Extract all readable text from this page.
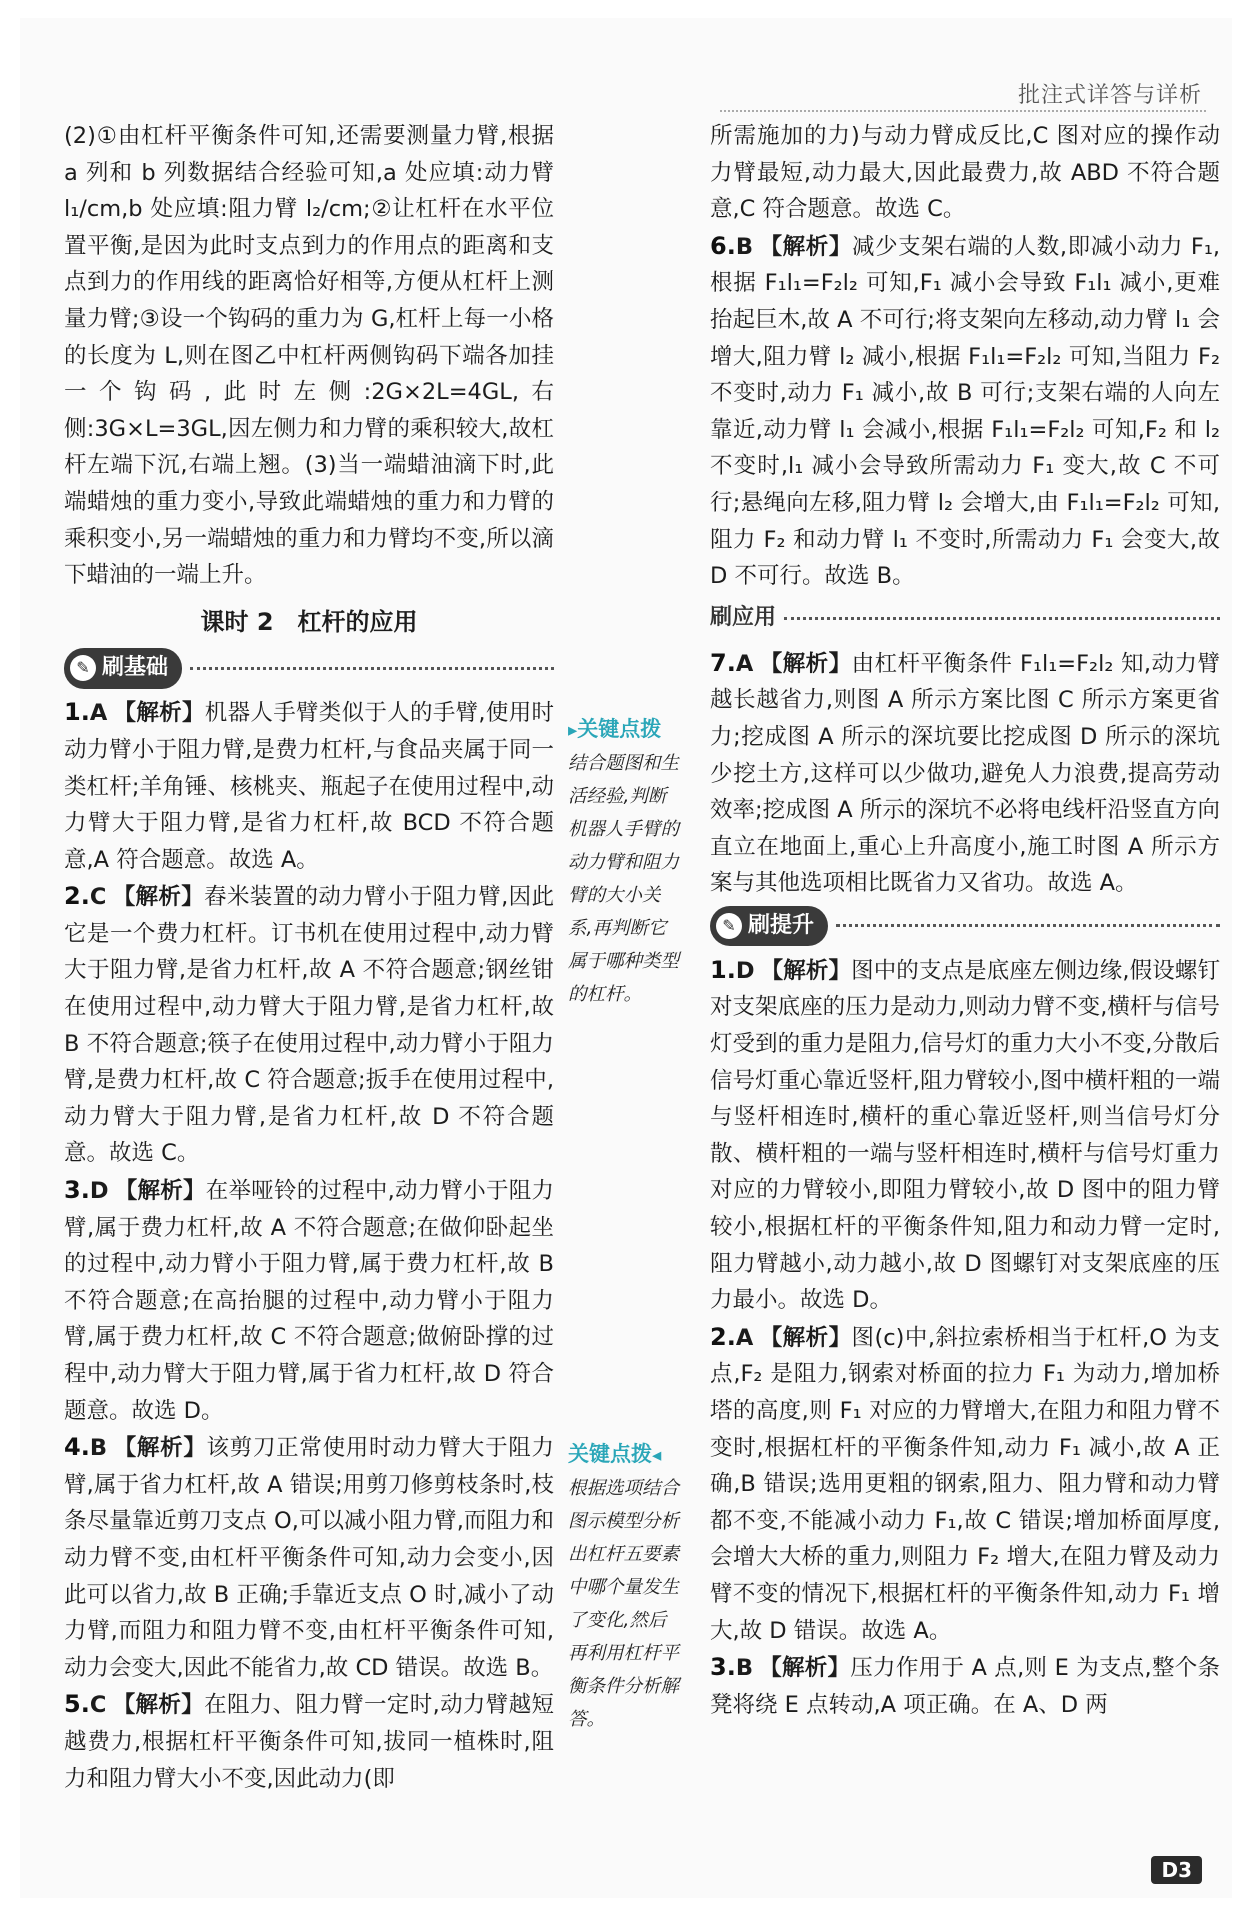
批注式详答与详析

(2)①由杠杆平衡条件可知,还需要测量力臂,根据 a 列和 b 列数据结合经验可知,a 处应填:动力臂 l₁/cm,b 处应填:阻力臂 l₂/cm;②让杠杆在水平位置平衡,是因为此时支点到力的作用点的距离和支点到力的作用线的距离恰好相等,方便从杠杆上测量力臂;③设一个钩码的重力为 G,杠杆上每一小格的长度为 L,则在图乙中杠杆两侧钩码下端各加挂一个钩码,此时左侧:2G×2L=4GL,右侧:3G×L=3GL,因左侧力和力臂的乘积较大,故杠杆左端下沉,右端上翘。(3)当一端蜡油滴下时,此端蜡烛的重力变小,导致此端蜡烛的重力和力臂的乘积变小,另一端蜡烛的重力和力臂均不变,所以滴下蜡油的一端上升。

课时 2　杠杆的应用
✎ 刷基础

1.A 【解析】机器人手臂类似于人的手臂,使用时动力臂小于阻力臂,是费力杠杆,与食品夹属于同一类杠杆;羊角锤、核桃夹、瓶起子在使用过程中,动力臂大于阻力臂,是省力杠杆,故 BCD 不符合题意,A 符合题意。故选 A。

2.C 【解析】舂米装置的动力臂小于阻力臂,因此它是一个费力杠杆。订书机在使用过程中,动力臂大于阻力臂,是省力杠杆,故 A 不符合题意;钢丝钳在使用过程中,动力臂大于阻力臂,是省力杠杆,故 B 不符合题意;筷子在使用过程中,动力臂小于阻力臂,是费力杠杆,故 C 符合题意;扳手在使用过程中,动力臂大于阻力臂,是省力杠杆,故 D 不符合题意。故选 C。

3.D 【解析】在举哑铃的过程中,动力臂小于阻力臂,属于费力杠杆,故 A 不符合题意;在做仰卧起坐的过程中,动力臂小于阻力臂,属于费力杠杆,故 B 不符合题意;在高抬腿的过程中,动力臂小于阻力臂,属于费力杠杆,故 C 不符合题意;做俯卧撑的过程中,动力臂大于阻力臂,属于省力杠杆,故 D 符合题意。故选 D。

4.B 【解析】该剪刀正常使用时动力臂大于阻力臂,属于省力杠杆,故 A 错误;用剪刀修剪枝条时,枝条尽量靠近剪刀支点 O,可以减小阻力臂,而阻力和动力臂不变,由杠杆平衡条件可知,动力会变小,因此可以省力,故 B 正确;手靠近支点 O 时,减小了动力臂,而阻力和阻力臂不变,由杠杆平衡条件可知,动力会变大,因此不能省力,故 CD 错误。故选 B。

5.C 【解析】在阻力、阻力臂一定时,动力臂越短越费力,根据杠杆平衡条件可知,拔同一植株时,阻力和阻力臂大小不变,因此动力(即

▸关键点拨
结合题图和生活经验,判断机器人手臂的动力臂和阻力臂的大小关系,再判断它属于哪种类型的杠杆。
关键点拨◂
根据选项结合图示模型分析出杠杆五要素中哪个量发生了变化,然后再利用杠杆平衡条件分析解答。

所需施加的力)与动力臂成反比,C 图对应的操作动力臂最短,动力最大,因此最费力,故 ABD 不符合题意,C 符合题意。故选 C。

6.B 【解析】减少支架右端的人数,即减小动力 F₁,根据 F₁l₁=F₂l₂ 可知,F₁ 减小会导致 F₁l₁ 减小,更难抬起巨木,故 A 不可行;将支架向左移动,动力臂 l₁ 会增大,阻力臂 l₂ 减小,根据 F₁l₁=F₂l₂ 可知,当阻力 F₂ 不变时,动力 F₁ 减小,故 B 可行;支架右端的人向左靠近,动力臂 l₁ 会减小,根据 F₁l₁=F₂l₂ 可知,F₂ 和 l₂ 不变时,l₁ 减小会导致所需动力 F₁ 变大,故 C 不可行;悬绳向左移,阻力臂 l₂ 会增大,由 F₁l₁=F₂l₂ 可知,阻力 F₂ 和动力臂 l₁ 不变时,所需动力 F₁ 会变大,故 D 不可行。故选 B。

刷应用

7.A 【解析】由杠杆平衡条件 F₁l₁=F₂l₂ 知,动力臂越长越省力,则图 A 所示方案比图 C 所示方案更省力;挖成图 A 所示的深坑要比挖成图 D 所示的深坑少挖土方,这样可以少做功,避免人力浪费,提高劳动效率;挖成图 A 所示的深坑不必将电线杆沿竖直方向直立在地面上,重心上升高度小,施工时图 A 所示方案与其他选项相比既省力又省功。故选 A。

✎ 刷提升

1.D 【解析】图中的支点是底座左侧边缘,假设螺钉对支架底座的压力是动力,则动力臂不变,横杆与信号灯受到的重力是阻力,信号灯的重力大小不变,分散后信号灯重心靠近竖杆,阻力臂较小,图中横杆粗的一端与竖杆相连时,横杆的重心靠近竖杆,则当信号灯分散、横杆粗的一端与竖杆相连时,横杆与信号灯重力对应的力臂较小,即阻力臂较小,故 D 图中的阻力臂较小,根据杠杆的平衡条件知,阻力和动力臂一定时,阻力臂越小,动力越小,故 D 图螺钉对支架底座的压力最小。故选 D。

2.A 【解析】图(c)中,斜拉索桥相当于杠杆,O 为支点,F₂ 是阻力,钢索对桥面的拉力 F₁ 为动力,增加桥塔的高度,则 F₁ 对应的力臂增大,在阻力和阻力臂不变时,根据杠杆的平衡条件知,动力 F₁ 减小,故 A 正确,B 错误;选用更粗的钢索,阻力、阻力臂和动力臂都不变,不能减小动力 F₁,故 C 错误;增加桥面厚度,会增大大桥的重力,则阻力 F₂ 增大,在阻力臂及动力臂不变的情况下,根据杠杆的平衡条件知,动力 F₁ 增大,故 D 错误。故选 A。

3.B 【解析】压力作用于 A 点,则 E 为支点,整个条凳将绕 E 点转动,A 项正确。在 A、D 两

D3
